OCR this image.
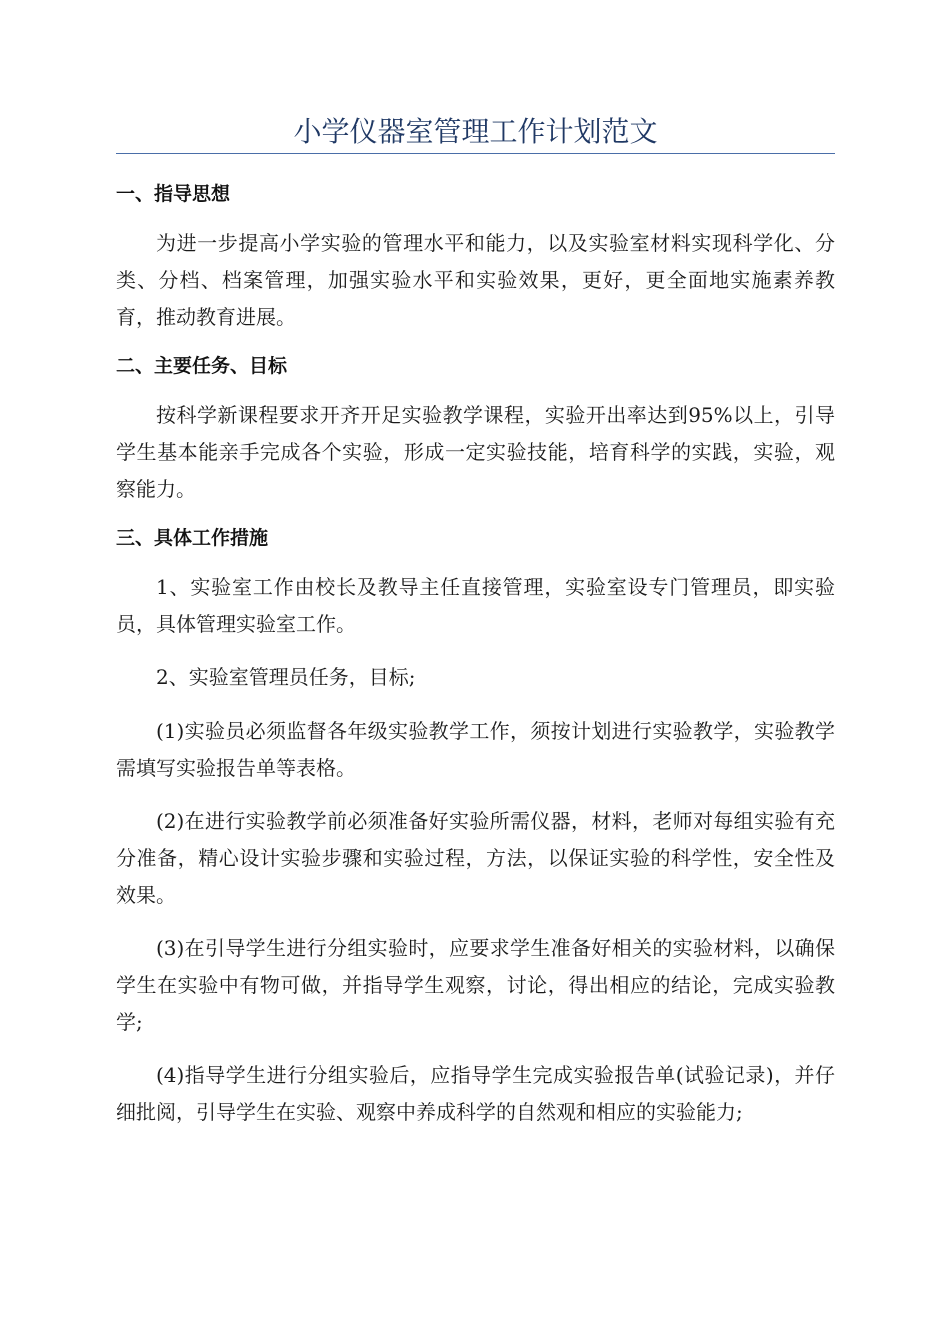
小学仪器室管理工作计划范文
一、指导思想

为进一步提高小学实验的管理水平和能力，以及实验室材料实现科学化、分类、分档、档案管理，加强实验水平和实验效果，更好，更全面地实施素养教育，推动教育进展。

二、主要任务、目标

按科学新课程要求开齐开足实验教学课程，实验开出率达到95%以上，引导学生基本能亲手完成各个实验，形成一定实验技能，培育科学的实践，实验，观察能力。

三、具体工作措施

1、实验室工作由校长及教导主任直接管理，实验室设专门管理员，即实验员，具体管理实验室工作。

2、实验室管理员任务，目标;

(1)实验员必须监督各年级实验教学工作，须按计划进行实验教学，实验教学需填写实验报告单等表格。

(2)在进行实验教学前必须准备好实验所需仪器，材料，老师对每组实验有充分准备，精心设计实验步骤和实验过程，方法，以保证实验的科学性，安全性及效果。

(3)在引导学生进行分组实验时，应要求学生准备好相关的实验材料，以确保学生在实验中有物可做，并指导学生观察，讨论，得出相应的结论，完成实验教学;

(4)指导学生进行分组实验后，应指导学生完成实验报告单(试验记录)，并仔细批阅，引导学生在实验、观察中养成科学的自然观和相应的实验能力;
